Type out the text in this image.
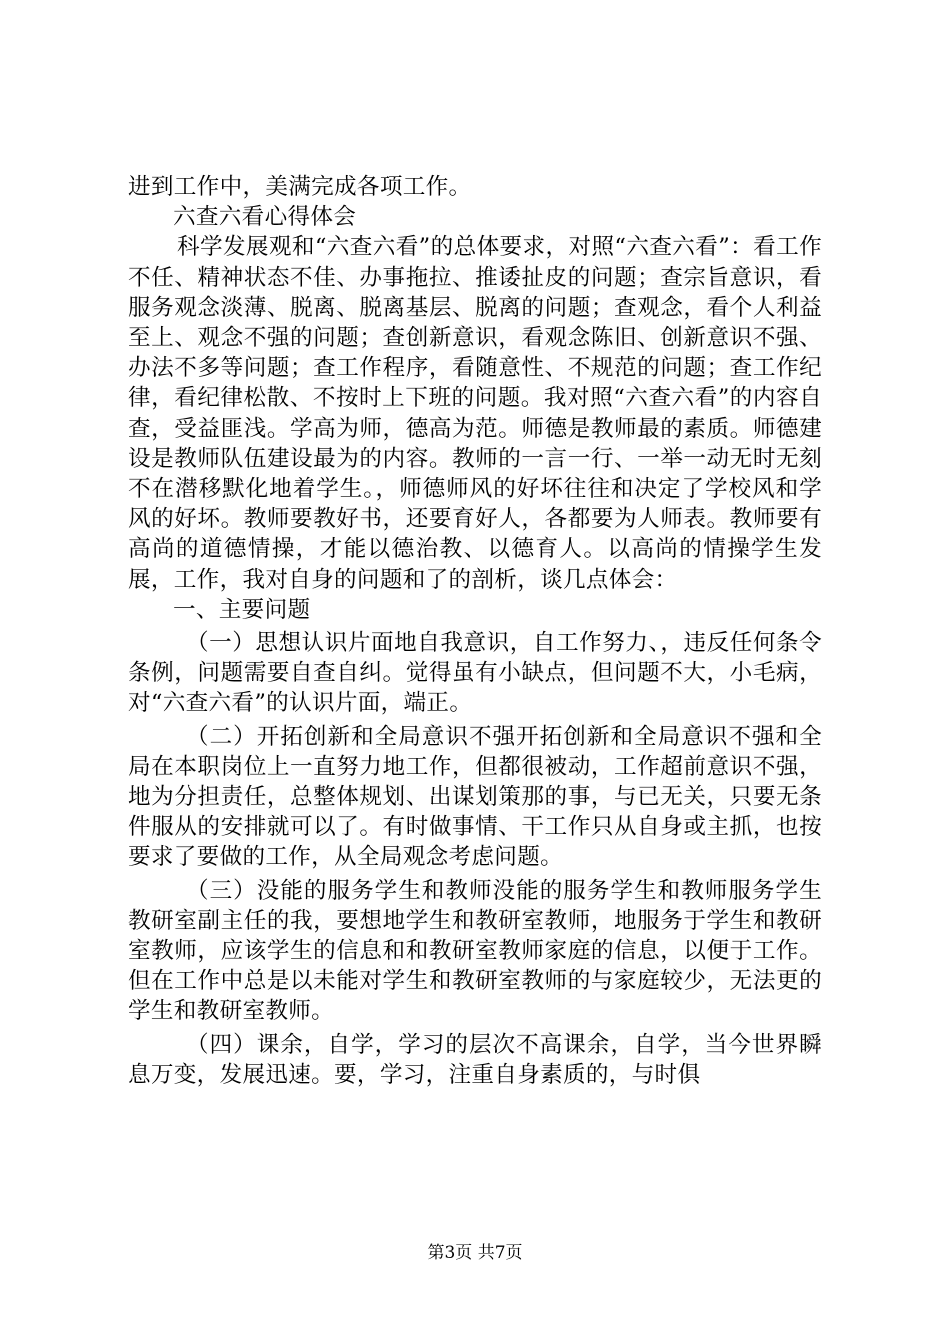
进到工作中，美满完成各项工作。

六查六看心得体会

科学发展观和“六查六看”的总体要求，对照“六查六看”：看工作不任、精神状态不佳、办事拖拉、推诿扯皮的问题；查宗旨意识，看服务观念淡薄、脱离、脱离基层、脱离的问题；查观念，看个人利益至上、观念不强的问题；查创新意识，看观念陈旧、创新意识不强、办法不多等问题；查工作程序，看随意性、不规范的问题；查工作纪律，看纪律松散、不按时上下班的问题。我对照“六查六看”的内容自查，受益匪浅。学高为师，德高为范。师德是教师最的素质。师德建设是教师队伍建设最为的内容。教师的一言一行、一举一动无时无刻不在潜移默化地着学生。，师德师风的好坏往往和决定了学校风和学风的好坏。教师要教好书，还要育好人，各都要为人师表。教师要有高尚的道德情操，才能以德治教、以德育人。以高尚的情操学生发展，工作，我对自身的问题和了的剖析，谈几点体会：

一、主要问题

（一）思想认识片面地自我意识，自工作努力、，违反任何条令条例，问题需要自查自纠。觉得虽有小缺点，但问题不大，小毛病，对“六查六看”的认识片面，端正。

（二）开拓创新和全局意识不强开拓创新和全局意识不强和全局在本职岗位上一直努力地工作，但都很被动，工作超前意识不强，地为分担责任，总整体规划、出谋划策那的事，与已无关，只要无条件服从的安排就可以了。有时做事情、干工作只从自身或主抓，也按要求了要做的工作，从全局观念考虑问题。

（三）没能的服务学生和教师没能的服务学生和教师服务学生教研室副主任的我，要想地学生和教研室教师，地服务于学生和教研室教师，应该学生的信息和和教研室教师家庭的信息，以便于工作。但在工作中总是以未能对学生和教研室教师的与家庭较少，无法更的学生和教研室教师。

（四）课余，自学，学习的层次不高课余，自学，当今世界瞬息万变，发展迅速。要，学习，注重自身素质的，与时俱

第3页 共7页
